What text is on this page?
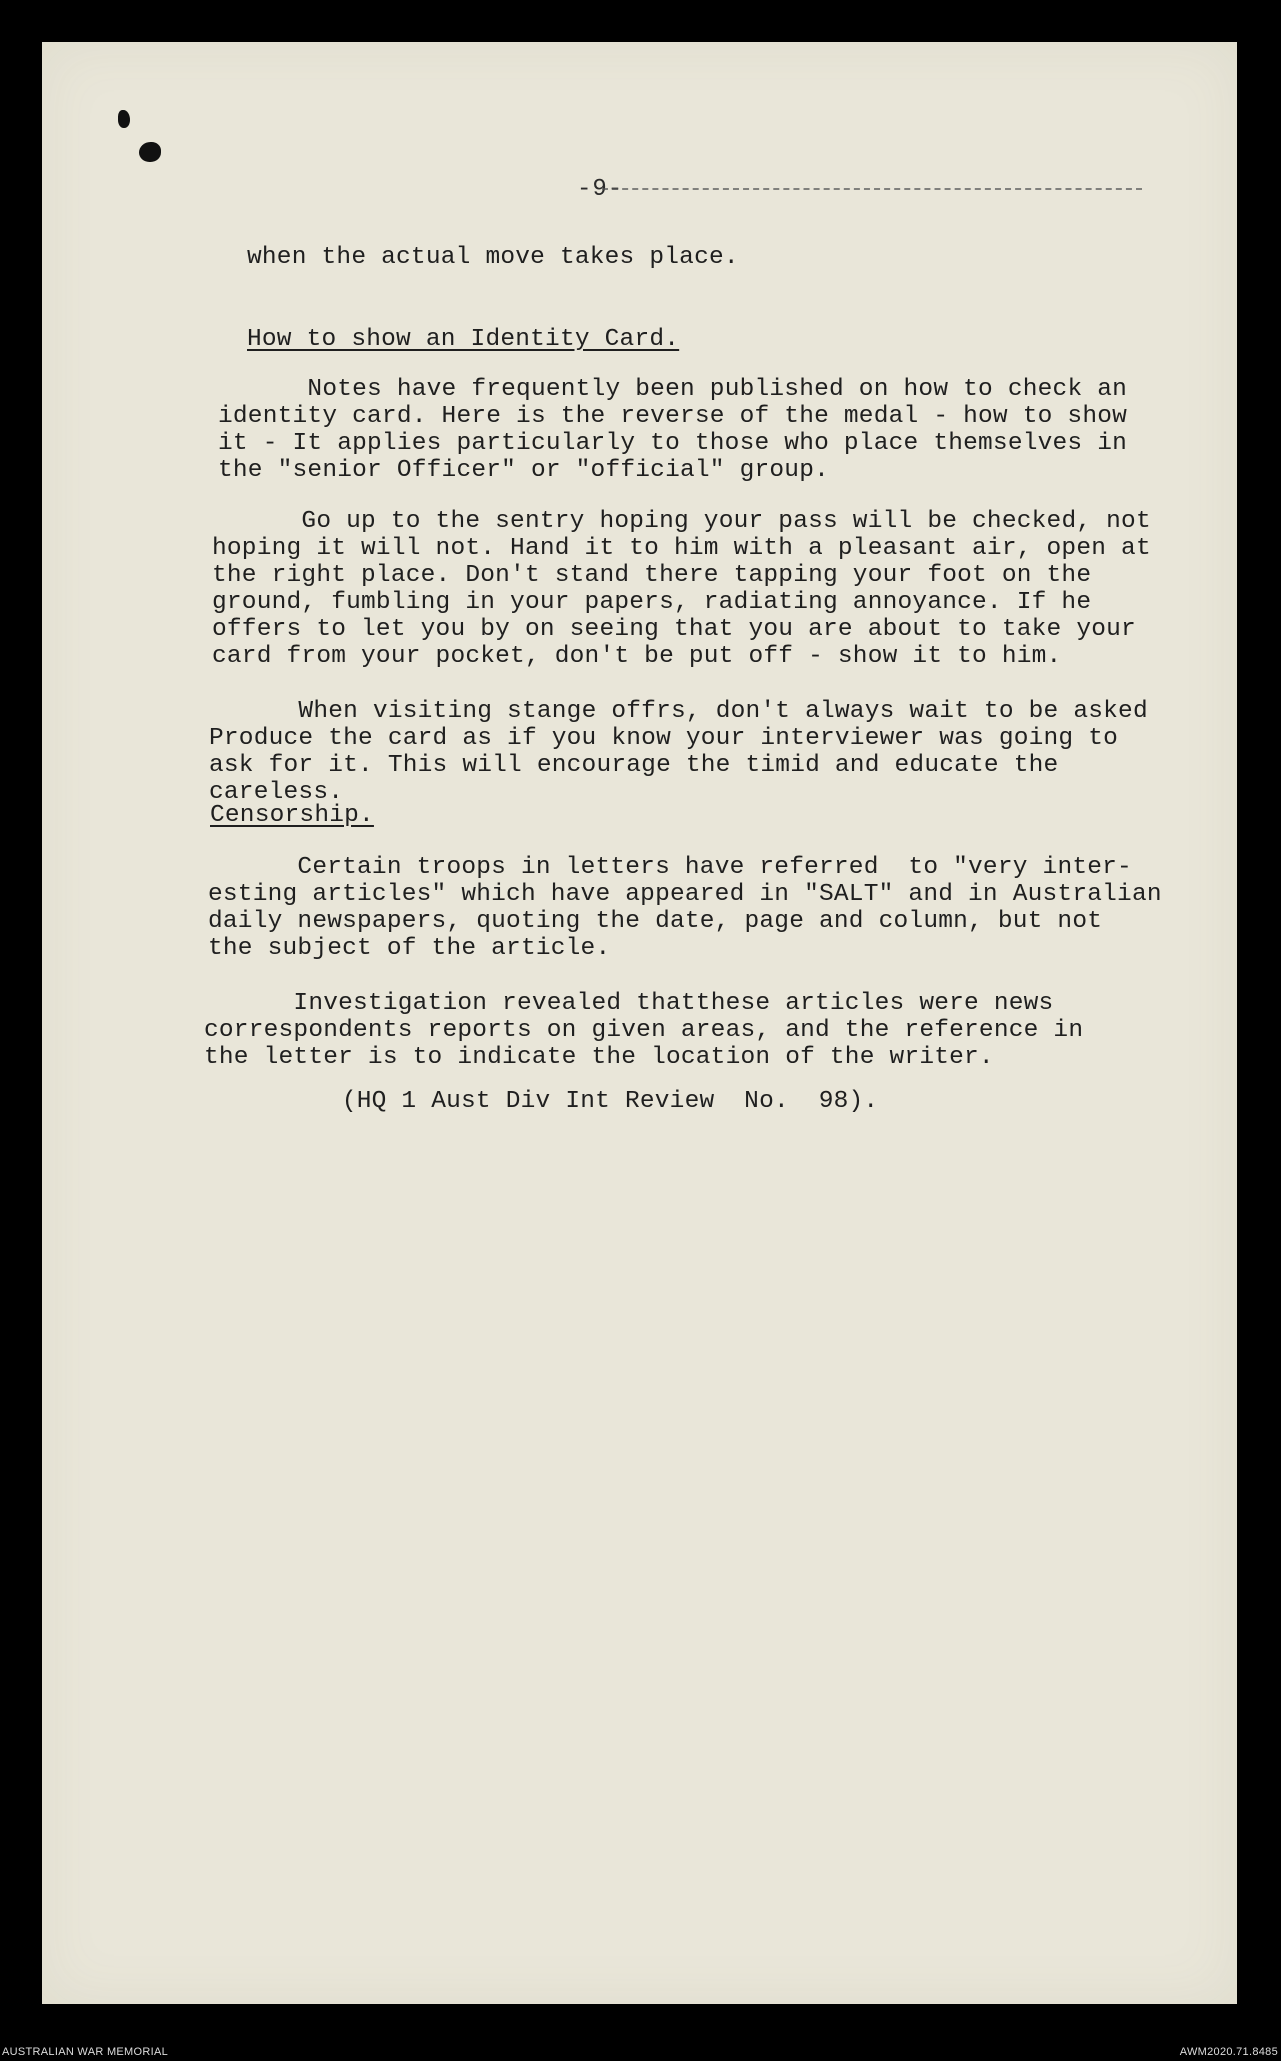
-9-
when the actual move takes place.
How to show an Identity Card.
Notes have frequently been published on how to check an
identity card. Here is the reverse of the medal - how to show
it - It applies particularly to those who place themselves in
the "senior Officer" or "official" group.
Go up to the sentry hoping your pass will be checked, not
hoping it will not. Hand it to him with a pleasant air, open at
the right place. Don't stand there tapping your foot on the
ground, fumbling in your papers, radiating annoyance. If he
offers to let you by on seeing that you are about to take your
card from your pocket, don't be put off - show it to him.
When visiting stange offrs, don't always wait to be asked
Produce the card as if you know your interviewer was going to
ask for it. This will encourage the timid and educate the
careless.
Censorship.
Certain troops in letters have referred  to "very inter-
esting articles" which have appeared in "SALT" and in Australian
daily newspapers, quoting the date, page and column, but not
the subject of the article.
Investigation revealed thatthese articles were news
correspondents reports on given areas, and the reference in
the letter is to indicate the location of the writer.
(HQ 1 Aust Div Int Review  No.  98).
AUSTRALIAN WAR MEMORIAL	AWM2020.71.8485
